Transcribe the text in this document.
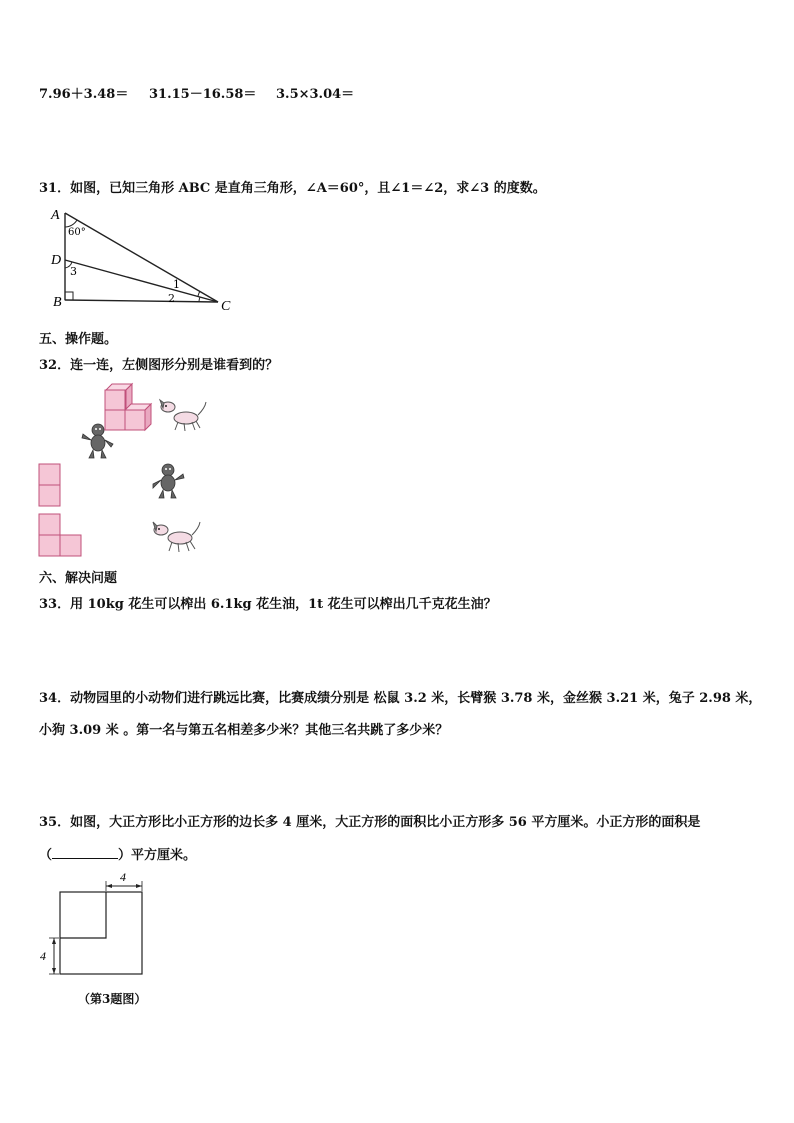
7.96＋3.48＝ 31.15－16.58＝ 3.5×3.04＝
31．如图，已知三角形 ABC 是直角三角形，∠A＝60°，且∠1＝∠2，求∠3 的度数。
A
D
B	C
60°
3
1
2
五、操作题。
32．连一连，左侧图形分别是谁看到的？
六、解决问题
33．用 10kg 花生可以榨出 6.1kg 花生油，1t 花生可以榨出几千克花生油？
34．动物园里的小动物们进行跳远比赛，比赛成绩分别是 松鼠 3.2 米，长臂猴 3.78 米，金丝猴 3.21 米，兔子 2.98 米，
小狗 3.09 米 。第一名与第五名相差多少米？其他三名共跳了多少米？
35．如图，大正方形比小正方形的边长多 4 厘米，大正方形的面积比小正方形多 56 平方厘米。小正方形的面积是
（	）平方厘米。
4
4
（第3题图）
